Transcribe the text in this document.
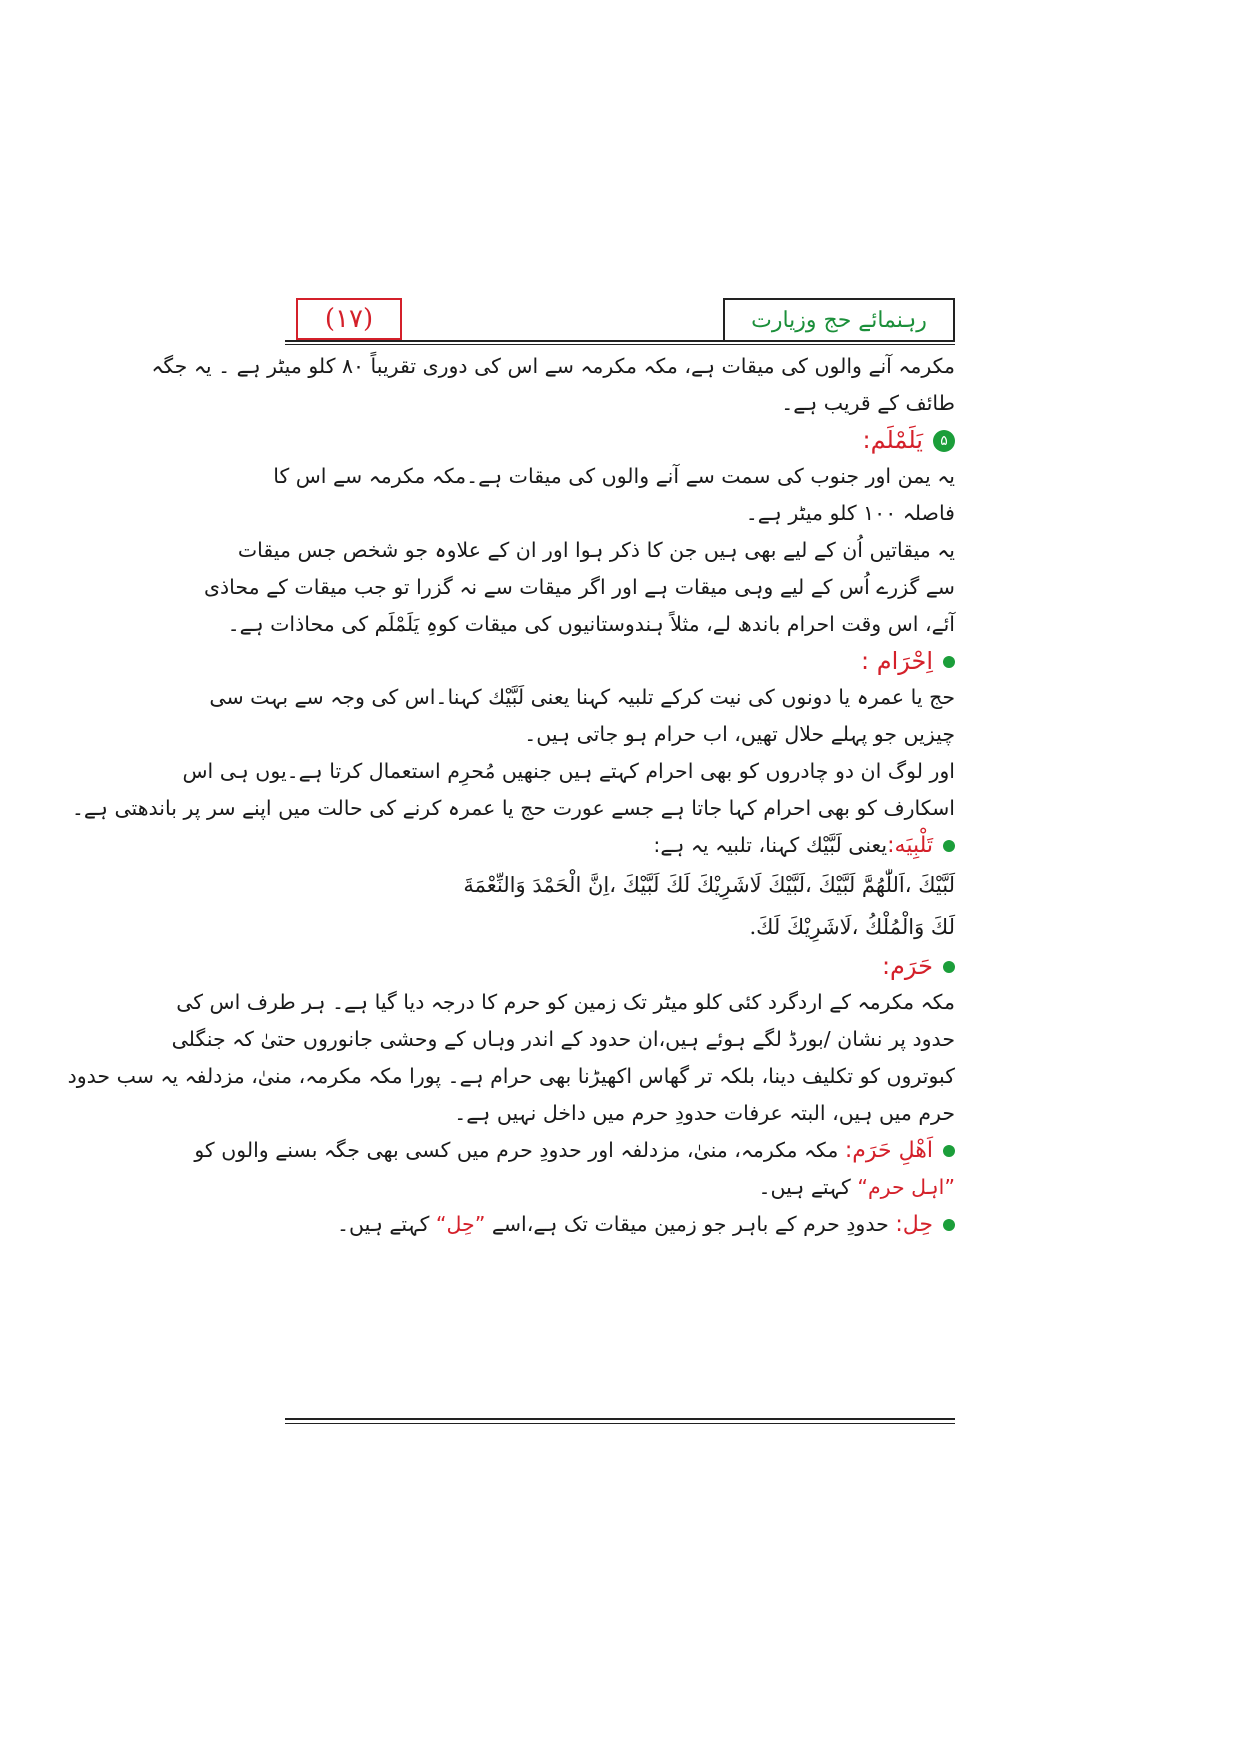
(١٧)	رہنمائے حج وزیارت
مکرمہ آنے والوں کی میقات ہے، مکہ مکرمہ سے اس کی دوری تقریباً ۸۰ کلو میٹر ہے ۔ یہ جگہ
طائف کے قریب ہے۔
۵یَلَمْلَم:
یہ یمن اور جنوب کی سمت سے آنے والوں کی میقات ہے۔مکہ مکرمہ سے اس کا
فاصلہ ۱۰۰ کلو میٹر ہے۔
یہ میقاتیں اُن کے لیے بھی ہیں جن کا ذکر ہوا اور ان کے علاوہ جو شخص جس میقات
سے گزرے اُس کے لیے وہی میقات ہے اور اگر میقات سے نہ گزرا تو جب میقات کے محاذی
آئے، اس وقت احرام باندھ لے، مثلاً ہندوستانیوں کی میقات کوہِ یَلَمْلَم کی محاذات ہے۔
اِحْرَام :
حج یا عمرہ یا دونوں کی نیت کرکے تلبیہ کہنا یعنی لَبَّیْك کہنا۔اس کی وجہ سے بہت سی
چیزیں جو پہلے حلال تھیں، اب حرام ہو جاتی ہیں۔
اور لوگ ان دو چادروں کو بھی احرام کہتے ہیں جنھیں مُحرِم استعمال کرتا ہے۔یوں ہی اس
اسکارف کو بھی احرام کہا جاتا ہے جسے عورت حج یا عمرہ کرنے کی حالت میں اپنے سر پر باندھتی ہے۔
تَلْبِیَه:یعنی لَبَّیْك کہنا، تلبیہ یہ ہے:
لَبَّیْكَ ،اَللّٰهُمَّ لَبَّیْكَ ،لَبَّیْكَ لَاشَرِیْكَ لَكَ لَبَّیْكَ ،اِنَّ الْحَمْدَ وَالنِّعْمَةَ
لَكَ وَالْمُلْكُ ،لَاشَرِیْكَ لَكَ.
حَرَم:
مکہ مکرمہ کے اردگرد کئی کلو میٹر تک زمین کو حرم کا درجہ دیا گیا ہے۔ ہر طرف اس کی
حدود پر نشان /بورڈ لگے ہوئے ہیں،ان حدود کے اندر وہاں کے وحشی جانوروں حتیٰ کہ جنگلی
کبوتروں کو تکلیف دینا، بلکہ تر گھاس اکھیڑنا بھی حرام ہے۔ پورا مکہ مکرمہ، منیٰ، مزدلفہ یہ سب حدود
حرم میں ہیں، البتہ عرفات حدودِ حرم میں داخل نہیں ہے۔
اَهْلِ حَرَم: مکہ مکرمہ، منیٰ، مزدلفہ اور حدودِ حرم میں کسی بھی جگہ بسنے والوں کو
”اہل حرم“ کہتے ہیں۔
حِل: حدودِ حرم کے باہر جو زمین میقات تک ہے،اسے ”حِل“ کہتے ہیں۔
